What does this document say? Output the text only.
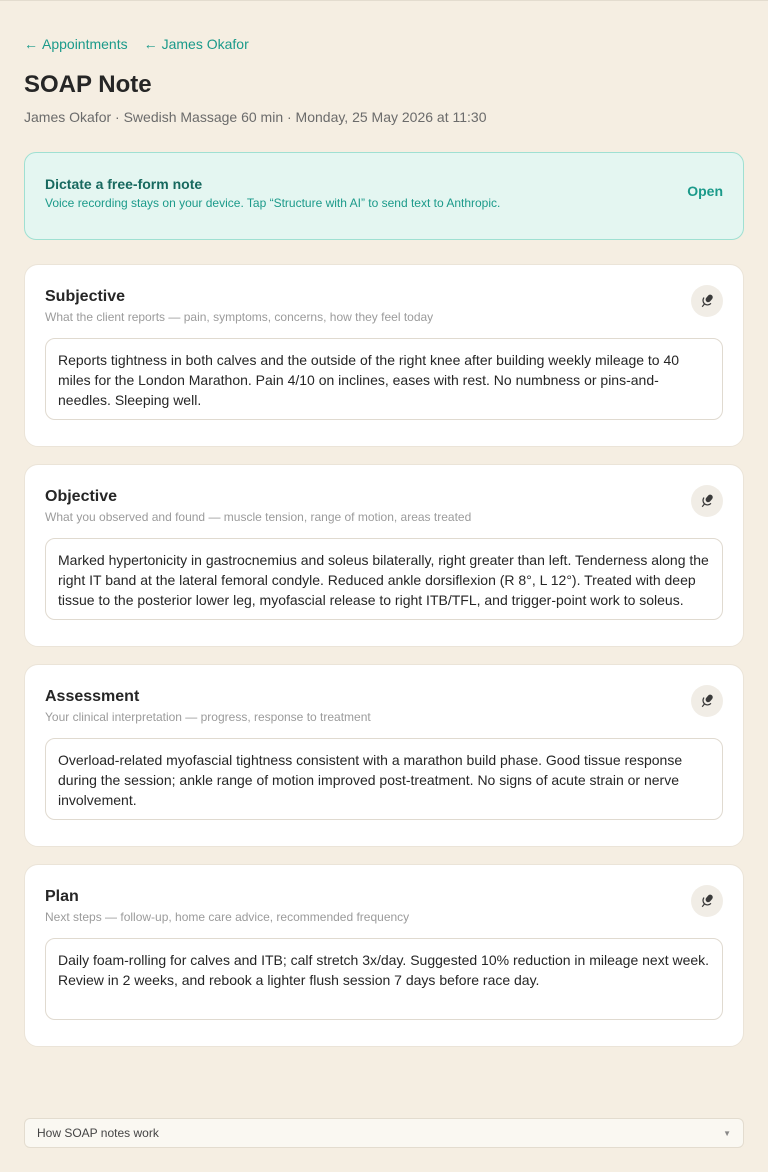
← Appointments ← James Okafor
SOAP Note
James Okafor · Swedish Massage 60 min · Monday, 25 May 2026 at 11:30
Dictate a free-form note
Voice recording stays on your device. Tap “Structure with AI” to send text to Anthropic.
Open
Subjective
What the client reports — pain, symptoms, concerns, how they feel today
Reports tightness in both calves and the outside of the right knee after building weekly mileage to 40 miles for the London Marathon. Pain 4/10 on inclines, eases with rest. No numbness or pins-and-needles. Sleeping well.
Objective
What you observed and found — muscle tension, range of motion, areas treated
Marked hypertonicity in gastrocnemius and soleus bilaterally, right greater than left. Tenderness along the right IT band at the lateral femoral condyle. Reduced ankle dorsiflexion (R 8°, L 12°). Treated with deep tissue to the posterior lower leg, myofascial release to right ITB/TFL, and trigger-point work to soleus.
Assessment
Your clinical interpretation — progress, response to treatment
Overload-related myofascial tightness consistent with a marathon build phase. Good tissue response during the session; ankle range of motion improved post-treatment. No signs of acute strain or nerve involvement.
Plan
Next steps — follow-up, home care advice, recommended frequency
Daily foam-rolling for calves and ITB; calf stretch 3x/day. Suggested 10% reduction in mileage next week. Review in 2 weeks, and rebook a lighter flush session 7 days before race day.
How SOAP notes work	▼
